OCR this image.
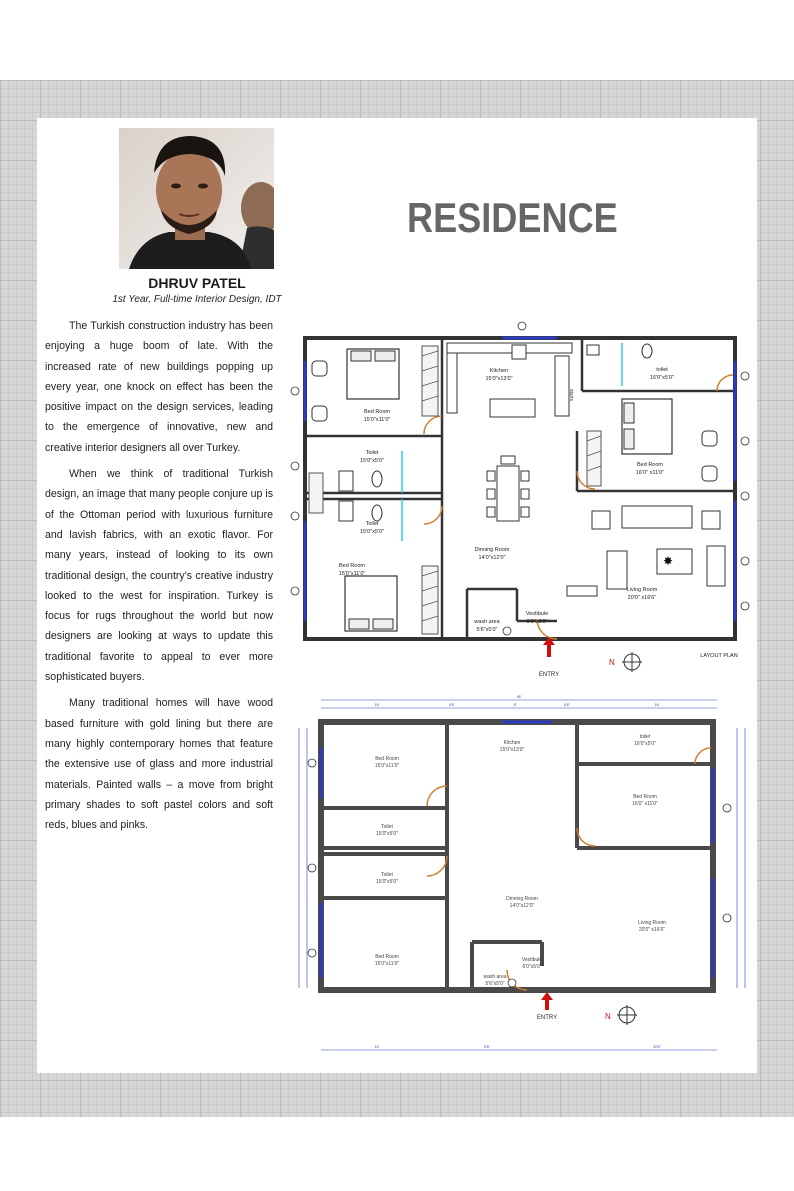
DHRUV PATEL
1st Year, Full-time Interior Design, IDT

The Turkish construction industry has been enjoying a huge boom of late. With the increased rate of new buildings popping up every year, one knock on effect has been the positive impact on the design services, leading to the emergence of innovative, new and creative interior designers all over Turkey.

When we think of traditional Turkish design, an image that many people conjure up is of the Ottoman period with luxurious furniture and lavish fabrics, with an exotic flavor. For many years, instead of looking to its own traditional design, the country's creative industry looked to the west for inspiration. Turkey is focus for rugs throughout the world but now designers are looking at ways to update this traditional favorite to appeal to ever more sophisticated buyers.

Many traditional homes will have wood based furniture with gold lining but there are many highly contemporary homes that feature the extensive use of glass and more industrial materials. Painted walls – a move from bright primary shades to soft pastel colors and soft reds, blues and pinks.

RESIDENCE
✸
stairs
Bed Room
15'0"x11'0"
Kitchen
15'0"x13'0"
toilet
16'0"x5'0"
Bed Room
16'0" x11'0"
Toilet
15'0"x5'0"
Toilet
15'0"x5'0"
Bed Room
15'0"x11'0"
Dinning Room
14'0"x12'0"
Living Room
20'0" x16'6"
wash area
5'6"x5'0"
Vestibule
6'0"x5'0"
ENTRY
N
LAYOUT PLAN
45'
15'	4'6"	8'	5'6"	16'
15'	5'6"	22'6"
Bed Room
15'0"x11'0"
Kitchen
15'0"x13'0"
toilet
16'0"x5'0"
Bed Room
16'0" x11'0"
Toilet
15'0"x5'0"
Toilet
15'0"x5'0"
Dinning Room
14'0"x12'0"
Living Room
20'0" x16'6"
Bed Room
15'0"x11'0"
wash area
5'6"x5'0"
Vestibule
6'0"x5'0"
ENTRY	N
